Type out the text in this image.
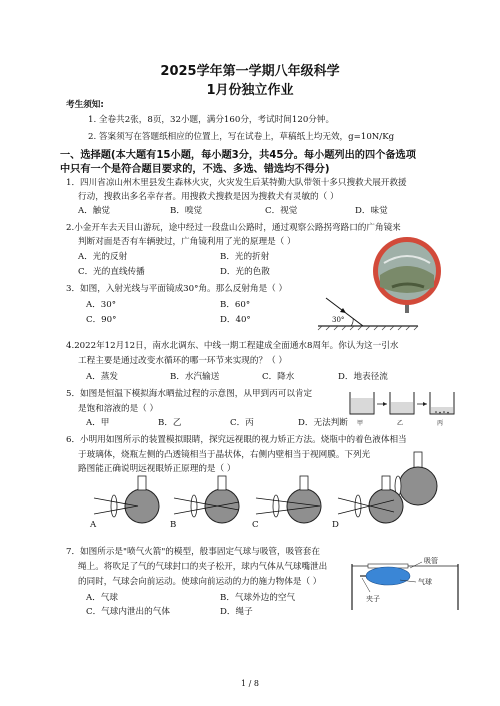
2025学年第一学期八年级科学
1月份独立作业
考生须知:
1. 全卷共2张，8页，32小题，满分160分，考试时间120分钟。
2. 答案须写在答题纸相应的位置上，写在试卷上，草稿纸上均无效，g=10N/Kg
一、选择题(本大题有15小题，每小题3分，共45分。每小题列出的四个备选项
中只有一个是符合题目要求的，不选、多选、错选均不得分)
1．四川省凉山州木里县发生森林火灾，火灾发生后某特勤大队带领十多只搜救犬展开救援
行动，搜救出多名幸存者。用搜救犬搜救是因为搜救犬有灵敏的（ ）
A．触觉	B．嗅觉	C．视觉	D．味觉
2.小金开车去天目山游玩，途中经过一段盘山公路时，通过观察公路拐弯路口的广角镜来
判断对面是否有车辆驶过，广角镜利用了光的原理是（ ）
A．光的反射	B．光的折射
C．光的直线传播	D．光的色散
3．如图，入射光线与平面镜成30°角。那么反射角是（ ）
A．30°	B．60°
C．90°	D．40°	30°
4.2022年12月12日，南水北调东、中线一期工程建成全面通水8周年。你认为这一引水
工程主要是通过改变水循环的哪一环节来实现的？（ ）
A．蒸发	B．水汽输送	C．降水	D．地表径流
5．如图是恒温下模拟海水晒盐过程的示意图，从甲到丙可以肯定
是饱和溶液的是（ ）
A．甲	B．乙	C．丙	D．无法判断 甲	乙	丙
6．小明用如图所示的装置模拟眼睛，探究远视眼的视力矫正方法。烧瓶中的着色液体相当
于玻璃体，烧瓶左侧的凸透镜相当于晶状体，右侧内壁相当于视网膜。下列光
路图能正确说明远视眼矫正原理的是（ ）
A	B	C	D
7．如图所示是"喷气火箭"的模型，般事固定气球与吸管，吸管套在
绳上。将吹足了气的气球封口的夹子松开，球内气体从气球嘴泄出
的同时，气球会向前运动。使球向前运动的力的施力物体是（ ）
A．气球	B．气球外边的空气
C．气球内泄出的气体	D．绳子
吸管
气球
夹子
1 / 8
